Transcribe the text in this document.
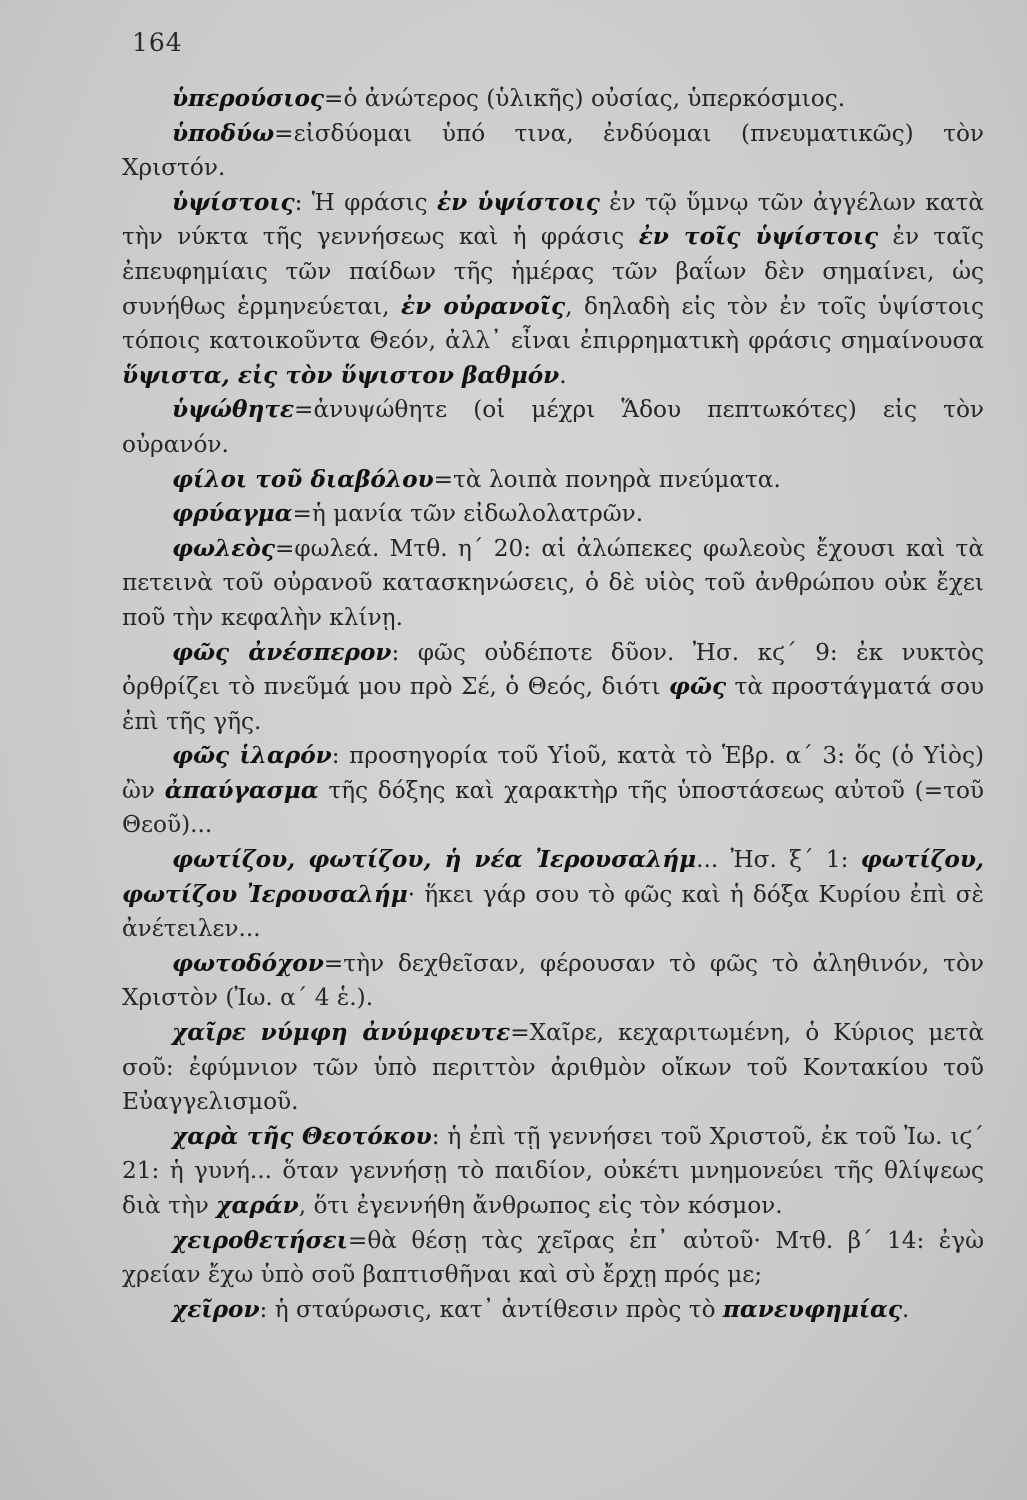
164

ὑπερούσιος=ὁ ἀνώτερος (ὑλικῆς) οὐσίας, ὑπερκόσμιος.

ὑποδύω=εἰσδύομαι ὑπό τινα, ἐνδύομαι (πνευματικῶς) τὸν Χριστόν.

ὑψίστοις: Ἡ φράσις ἐν ὑψίστοις ἐν τῷ ὕμνῳ τῶν ἀγγέλων κατὰ τὴν νύκτα τῆς γεννήσεως καὶ ἡ φράσις ἐν τοῖς ὑψίστοις ἐν ταῖς ἐπευφημίαις τῶν παίδων τῆς ἡμέρας τῶν βαΐων δὲν σημαίνει, ὡς συνήθως ἑρμηνεύεται, ἐν οὐρανοῖς, δηλαδὴ εἰς τὸν ἐν τοῖς ὑψίστοις τόποις κατοικοῦντα Θεόν, ἀλλ᾿ εἶναι ἐπιρρηματικὴ φράσις σημαίνουσα ὕψιστα, εἰς τὸν ὕψιστον βαθμόν.

ὑψώθητε=ἀνυψώθητε (οἱ μέχρι Ἅδου πεπτωκότες) εἰς τὸν οὐρανόν.

φίλοι τοῦ διαβόλου=τὰ λοιπὰ πονηρὰ πνεύματα.

φρύαγμα=ἡ μανία τῶν εἰδωλολατρῶν.

φωλεὸς=φωλεά. Μτθ. η΄ 20: αἱ ἀλώπεκες φωλεοὺς ἔχουσι καὶ τὰ πετεινὰ τοῦ οὐρανοῦ κατασκηνώσεις, ὁ δὲ υἱὸς τοῦ ἀνθρώπου οὐκ ἔχει ποῦ τὴν κεφαλὴν κλίνῃ.

φῶς ἀνέσπερον: φῶς οὐδέποτε δῦον. Ἠσ. κϛ΄ 9: ἐκ νυκτὸς ὀρθρίζει τὸ πνεῦμά μου πρὸ Σέ, ὁ Θεός, διότι φῶς τὰ προστάγματά σου ἐπὶ τῆς γῆς.

φῶς ἱλαρόν: προσηγορία τοῦ Υἱοῦ, κατὰ τὸ Ἑβρ. α΄ 3: ὅς (ὁ Υἱὸς) ὢν ἀπαύγασμα τῆς δόξης καὶ χαρακτὴρ τῆς ὑποστάσεως αὐτοῦ (=τοῦ Θεοῦ)...

φωτίζου, φωτίζου, ἡ νέα Ἰερουσαλήμ... Ἠσ. ξ΄ 1: φωτίζου, φωτίζου Ἰερουσαλήμ· ἥκει γάρ σου τὸ φῶς καὶ ἡ δόξα Κυρίου ἐπὶ σὲ ἀνέτειλεν...

φωτοδόχον=τὴν δεχθεῖσαν, φέρουσαν τὸ φῶς τὸ ἀληθινόν, τὸν Χριστὸν (Ἰω. α΄ 4 ἑ.).

χαῖρε νύμφη ἀνύμφευτε=Χαῖρε, κεχαριτωμένη, ὁ Κύριος μετὰ σοῦ: ἐφύμνιον τῶν ὑπὸ περιττὸν ἀριθμὸν οἴκων τοῦ Κοντακίου τοῦ Εὐαγγελισμοῦ.

χαρὰ τῆς Θεοτόκου: ἡ ἐπὶ τῇ γεννήσει τοῦ Χριστοῦ, ἐκ τοῦ Ἰω. ιϛ΄ 21: ἡ γυνή... ὅταν γεννήσῃ τὸ παιδίον, οὐκέτι μνημονεύει τῆς θλίψεως διὰ τὴν χαράν, ὅτι ἐγεννήθη ἄνθρωπος εἰς τὸν κόσμον.

χειροθετήσει=θὰ θέσῃ τὰς χεῖρας ἐπ᾿ αὐτοῦ· Μτθ. β΄ 14: ἐγὼ χρείαν ἔχω ὑπὸ σοῦ βαπτισθῆναι καὶ σὺ ἔρχῃ πρός με;

χεῖρον: ἡ σταύρωσις, κατ᾿ ἀντίθεσιν πρὸς τὸ πανευφημίας.
